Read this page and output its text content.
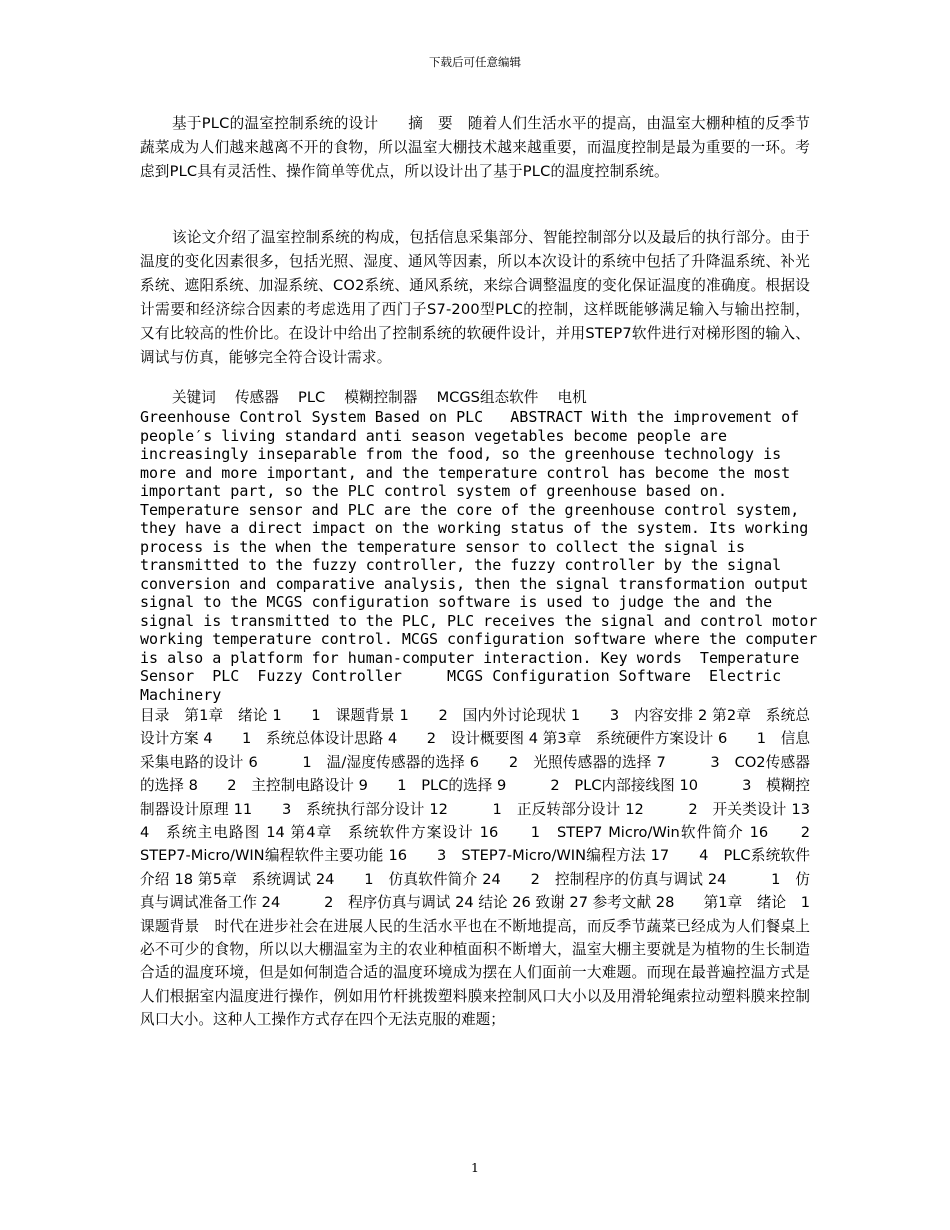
下载后可任意编辑

基于PLC的温室控制系统的设计　　摘　要　随着人们生活水平的提高，由温室大棚种植的反季节蔬菜成为人们越来越离不开的食物，所以温室大棚技术越来越重要，而温度控制是最为重要的一环。考虑到PLC具有灵活性、操作简单等优点，所以设计出了基于PLC的温度控制系统。

该论文介绍了温室控制系统的构成，包括信息采集部分、智能控制部分以及最后的执行部分。由于温度的变化因素很多，包括光照、湿度、通风等因素，所以本次设计的系统中包括了升降温系统、补光系统、遮阳系统、加湿系统、CO2系统、通风系统，来综合调整温度的变化保证温度的准确度。根据设计需要和经济综合因素的考虑选用了西门子S7-200型PLC的控制，这样既能够满足输入与输出控制，又有比较高的性价比。在设计中给出了控制系统的软硬件设计，并用STEP7软件进行对梯形图的输入、调试与仿真，能够完全符合设计需求。

关键词　 传感器　 PLC　 模糊控制器　 MCGS组态软件　 电机

Greenhouse Control System Based on PLC   ABSTRACT With the improvement of people′s living standard anti season vegetables become people are increasingly inseparable from the food, so the greenhouse technology is more and more important, and the temperature control has become the most important part, so the PLC control system of greenhouse based on. Temperature sensor and PLC are the core of the greenhouse control system, they have a direct impact on the working status of the system. Its working process is the when the temperature sensor to collect the signal is transmitted to the fuzzy controller, the fuzzy controller by the signal conversion and comparative analysis, then the signal transformation output signal to the MCGS configuration software is used to judge the and the signal is transmitted to the PLC, PLC receives the signal and control motor working temperature control. MCGS configuration software where the computer is also a platform for human-computer interaction. Key words  Temperature Sensor  PLC  Fuzzy Controller     MCGS Configuration Software  Electric Machinery

目录　第1章　绪论 1　　1　课题背景 1　　2　国内外讨论现状 1　　3　内容安排 2 第2章　系统总设计方案 4　　1　系统总体设计思路 4　　2　设计概要图 4 第3章　系统硬件方案设计 6　　1　信息采集电路的设计 6　　　1　温/湿度传感器的选择 6　　2　光照传感器的选择 7　　　3　CO2传感器的选择 8　　2　主控制电路设计 9　　1　PLC的选择 9　　　2　PLC内部接线图 10　　　3　模糊控制器设计原理 11　　3　系统执行部分设计 12　　　1　正反转部分设计 12　　　2　开关类设计 13　　4　系统主电路图 14 第4章　系统软件方案设计 16　　1　STEP7 Micro/Win软件简介 16　　2　STEP7-Micro/WIN编程软件主要功能 16　　3　STEP7-Micro/WIN编程方法 17　　4　PLC系统软件介绍 18 第5章　系统调试 24　　1　仿真软件简介 24　　2　控制程序的仿真与调试 24　　　1　仿真与调试准备工作 24　　　2　程序仿真与调试 24 结论 26 致谢 27 参考文献 28　　第1章　绪论　1　课题背景　时代在进步社会在进展人民的生活水平也在不断地提高，而反季节蔬菜已经成为人们餐桌上必不可少的食物，所以以大棚温室为主的农业种植面积不断增大，温室大棚主要就是为植物的生长制造合适的温度环境，但是如何制造合适的温度环境成为摆在人们面前一大难题。而现在最普遍控温方式是人们根据室内温度进行操作，例如用竹杆挑拨塑料膜来控制风口大小以及用滑轮绳索拉动塑料膜来控制风口大小。这种人工操作方式存在四个无法克服的难题；

1
